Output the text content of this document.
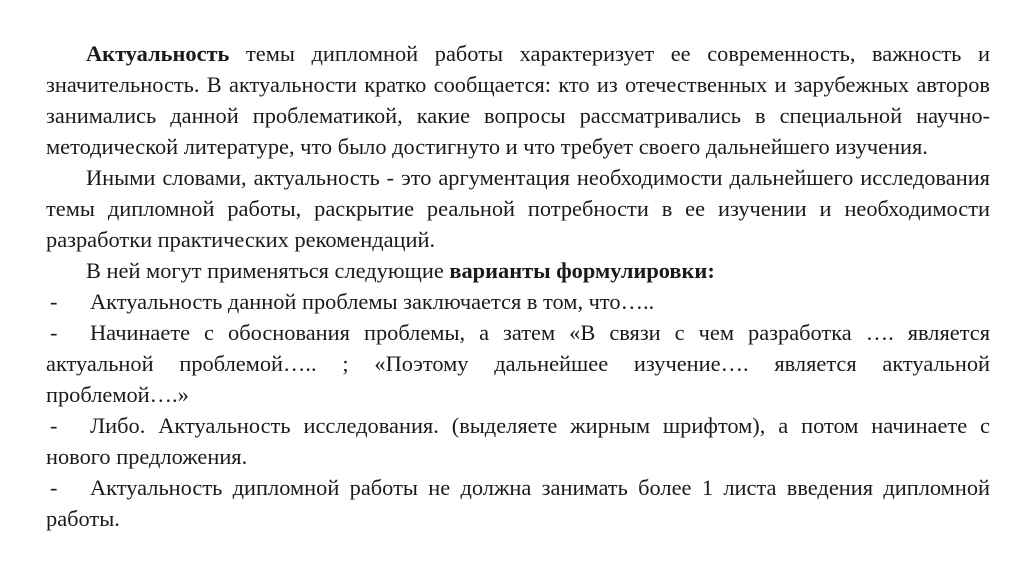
Актуальность темы дипломной работы характеризует ее современность, важность и значительность. В актуальности кратко сообщается: кто из отечественных и зарубежных авторов занимались данной проблематикой, какие вопросы рассматривались в специальной научно-методической литературе, что было достигнуто и что требует своего дальнейшего изучения.

Иными словами, актуальность - это аргументация необходимости дальнейшего исследования темы дипломной работы, раскрытие реальной потребности в ее изучении и необходимости разработки практических рекомендаций.

В ней могут применяться следующие варианты формулировки:

- Актуальность данной проблемы заключается в том, что…..

- Начинаете с обоснования проблемы, а затем «В связи с чем разработка …. является актуальной проблемой….. ; «Поэтому дальнейшее изучение…. является актуальной проблемой….»

- Либо. Актуальность исследования. (выделяете жирным шрифтом), а потом начинаете с нового предложения.

- Актуальность дипломной работы не должна занимать более 1 листа введения дипломной работы.
